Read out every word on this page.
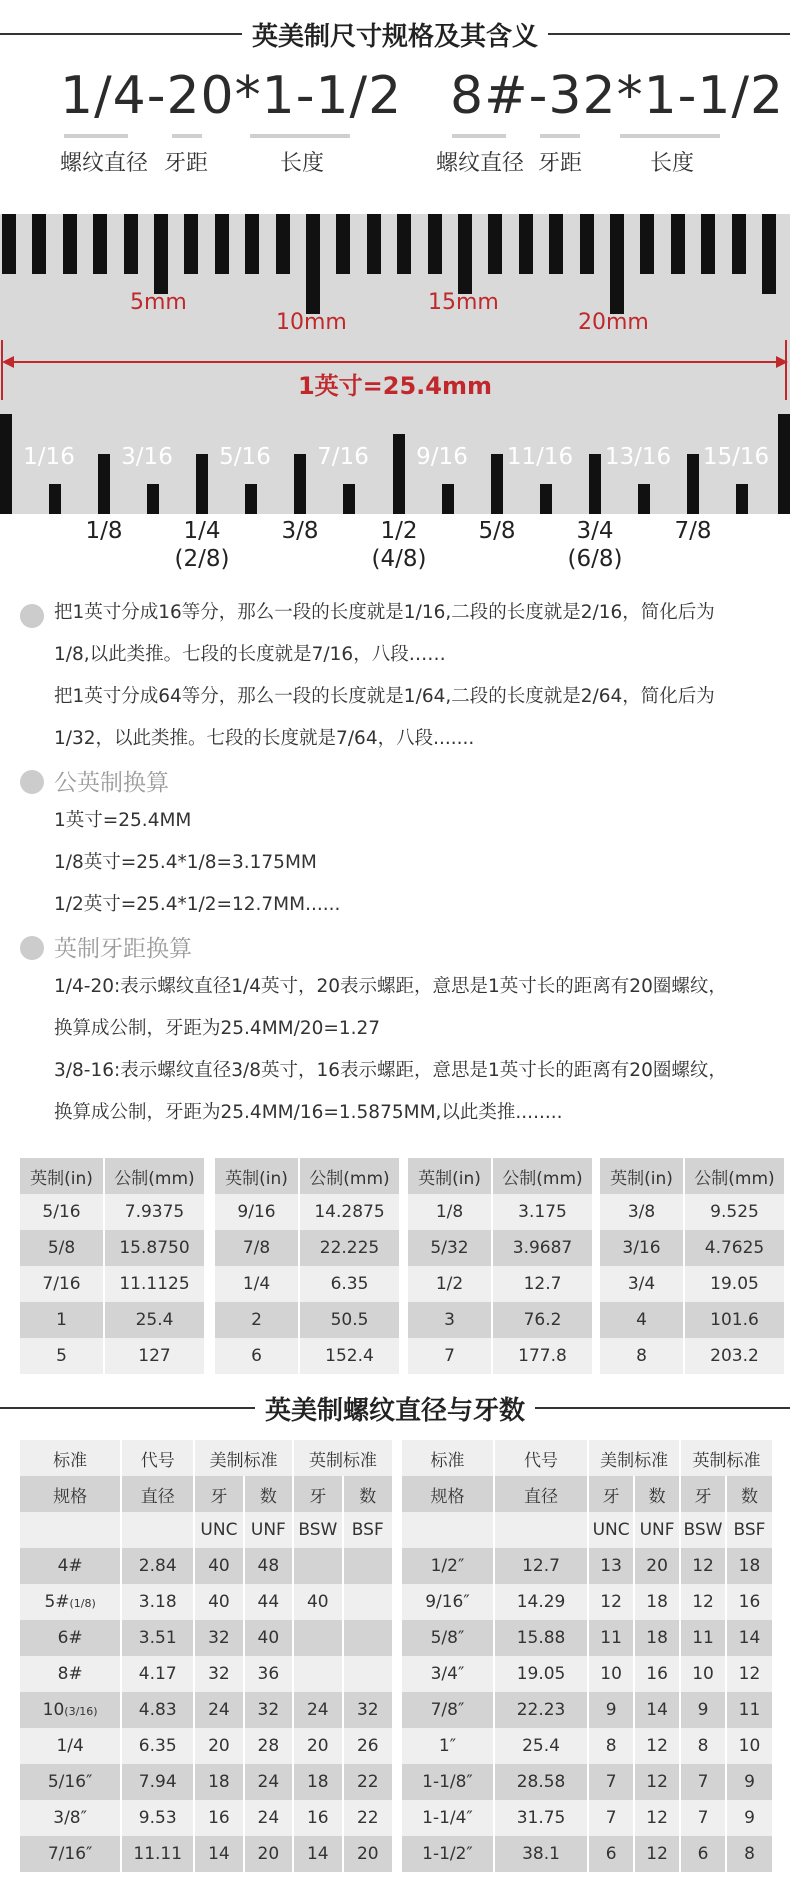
英美制尺寸规格及其含义
1/4-20*1-1/2 8#-32*1-1/2
螺纹直径 牙距	长度	螺纹直径 牙距	长度
5mm
10mm
15mm
20mm
1英寸=25.4mm
1/16	3/16	5/16	7/16	9/16	11/16 13/16 15/16
1/8	1/4
(2/8)
3/8	1/2
(4/8)
5/8	3/4
(6/8)
7/8
把1英寸分成16等分，那么一段的长度就是1/16,二段的长度就是2/16，简化后为
1/8,以此类推。七段的长度就是7/16，八段……
把1英寸分成64等分，那么一段的长度就是1/64,二段的长度就是2/64，简化后为
1/32，以此类推。七段的长度就是7/64，八段.......
公英制换算
1英寸=25.4MM
1/8英寸=25.4*1/8=3.175MM
1/2英寸=25.4*1/2=12.7MM......
英制牙距换算
1/4-20:表示螺纹直径1/4英寸，20表示螺距，意思是1英寸长的距离有20圈螺纹，
换算成公制，牙距为25.4MM/20=1.27
3/8-16:表示螺纹直径3/8英寸，16表示螺距，意思是1英寸长的距离有20圈螺纹，
换算成公制，牙距为25.4MM/16=1.5875MM,以此类推........
英制(in)	公制(mm)
5/16	7.9375
5/8	15.8750
7/16	11.1125
1	25.4
5	127
英制(in)	公制(mm)
9/16	14.2875
7/8	22.225
1/4	6.35
2	50.5
6	152.4
英制(in)	公制(mm)
1/8	3.175
5/32	3.9687
1/2	12.7
3	76.2
7	177.8
英制(in)	公制(mm)
3/8	9.525
3/16	4.7625
3/4	19.05
4	101.6
8	203.2
英美制螺纹直径与牙数
标准	代号	美制标准		英制标准	
规格	直径	牙	数	牙	数
		UNC	UNF	BSW	BSF
4#	2.84	40	48		
5#(1/8)	3.18	40	44	40	
6#	3.51	32	40		
8#	4.17	32	36		
10(3/16)	4.83	24	32	24	32
1/4	6.35	20	28	20	26
5/16″	7.94	18	24	18	22
3/8″	9.53	16	24	16	22
7/16″	11.11	14	20	14	20
标准	代号	美制标准		英制标准	
规格	直径	牙	数	牙	数
		UNC	UNF	BSW	BSF
1/2″	12.7	13	20	12	18
9/16″	14.29	12	18	12	16
5/8″	15.88	11	18	11	14
3/4″	19.05	10	16	10	12
7/8″	22.23	9	14	9	11
1″	25.4	8	12	8	10
1-1/8″	28.58	7	12	7	9
1-1/4″	31.75	7	12	7	9
1-1/2″	38.1	6	12	6	8
